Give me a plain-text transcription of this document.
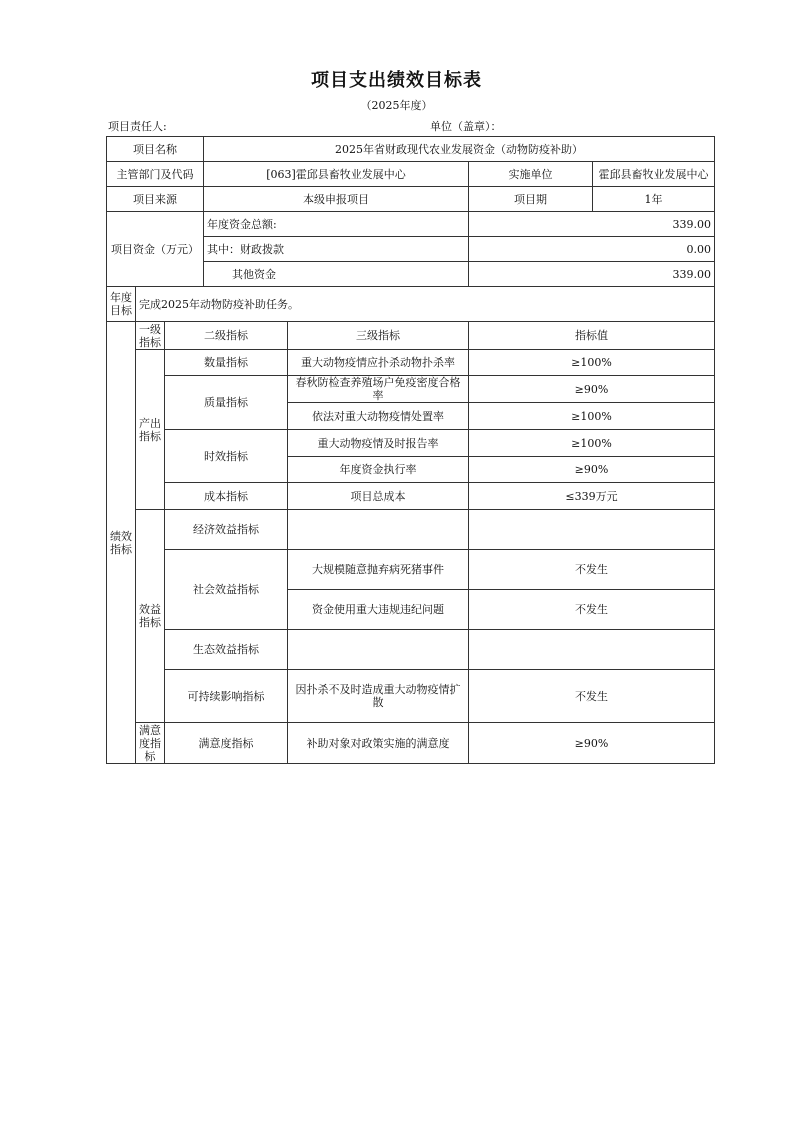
项目支出绩效目标表
（2025年度）
项目责任人:	单位（盖章）：
项目名称			2025年省财政现代农业发展资金（动物防疫补助）			
主管部门及代码			[063]霍邱县畜牧业发展中心		实施单位	霍邱县畜牧业发展中心
项目来源			本级申报项目		项目期	1年
项目资金（万元）			年度资金总额:		339.00	
			其中：财政拨款		0.00	
			其他资金		339.00	
年度目标	完成2025年动物防疫补助任务。					
绩效指标	一级指标	二级指标		三级指标	指标值	
	产出指标	数量指标		重大动物疫情应扑杀动物扑杀率	≥100%	
		质量指标		春秋防检查养殖场户免疫密度合格率	≥90%	
				依法对重大动物疫情处置率	≥100%	
		时效指标		重大动物疫情及时报告率	≥100%	
				年度资金执行率	≥90%	
		成本指标		项目总成本	≤339万元	
	效益指标	经济效益指标				
		社会效益指标		大规模随意抛弃病死猪事件	不发生	
				资金使用重大违规违纪问题	不发生	
		生态效益指标				
		可持续影响指标		因扑杀不及时造成重大动物疫情扩散	不发生	
	满意度指标	满意度指标		补助对象对政策实施的满意度	≥90%	
